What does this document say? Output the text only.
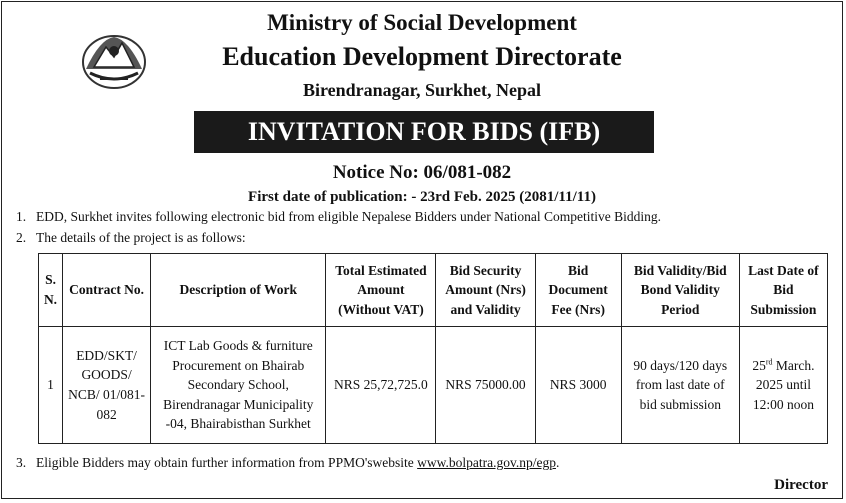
Ministry of Social Development
Education Development Directorate
Birendranagar, Surkhet, Nepal
INVITATION FOR BIDS (IFB)
Notice No: 06/081-082
First date of publication: - 23rd Feb. 2025 (2081/11/11)
1. EDD, Surkhet invites following electronic bid from eligible Nepalese Bidders under National Competitive Bidding.
2. The details of the project is as follows:
S. N.	Contract No.	Description of Work	Total Estimated Amount (Without VAT)	Bid Security Amount (Nrs) and Validity	Bid Document Fee (Nrs)	Bid Validity/Bid Bond Validity Period	Last Date of Bid Submission
1	EDD/SKT/ GOODS/ NCB/ 01/081-082	ICT Lab Goods & furniture Procurement on Bhairab Secondary School, Birendranagar Municipality -04, Bhairabisthan Surkhet	NRS 25,72,725.0	NRS 75000.00	NRS 3000	90 days/120 days from last date of bid submission	25rd March. 2025 until 12:00 noon
3. Eligible Bidders may obtain further information from PPMO'swebsite www.bolpatra.gov.np/egp.
Director
